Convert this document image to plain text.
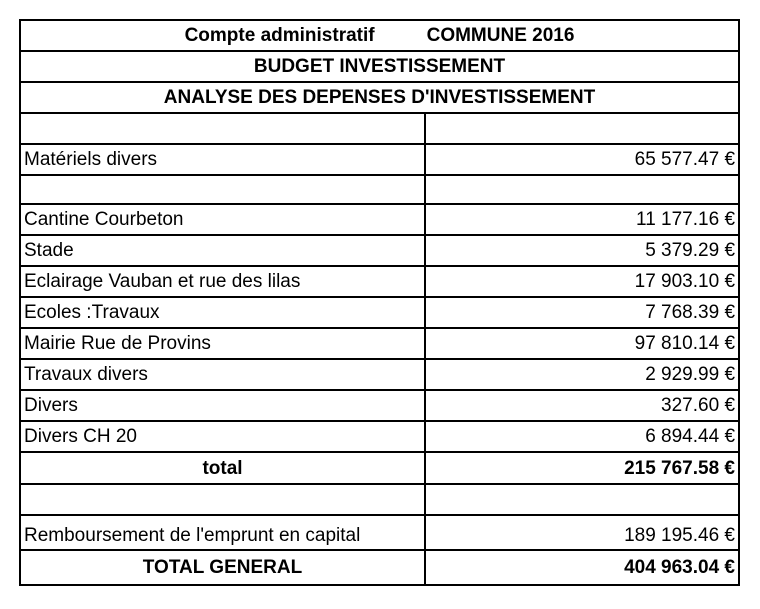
Compte administratif COMMUNE 2016	
BUDGET INVESTISSEMENT	
ANALYSE DES DEPENSES D'INVESTISSEMENT	

Matériels divers	65 577.47 €

Cantine Courbeton	11 177.16 €
Stade	5 379.29 €
Eclairage Vauban et rue des lilas	17 903.10 €
Ecoles :Travaux	7 768.39 €
Mairie Rue de Provins	97 810.14 €
Travaux divers	2 929.99 €
Divers	327.60 €
Divers CH 20	6 894.44 €
total	215 767.58 €

Remboursement de l'emprunt en capital	189 195.46 €
TOTAL GENERAL	404 963.04 €
